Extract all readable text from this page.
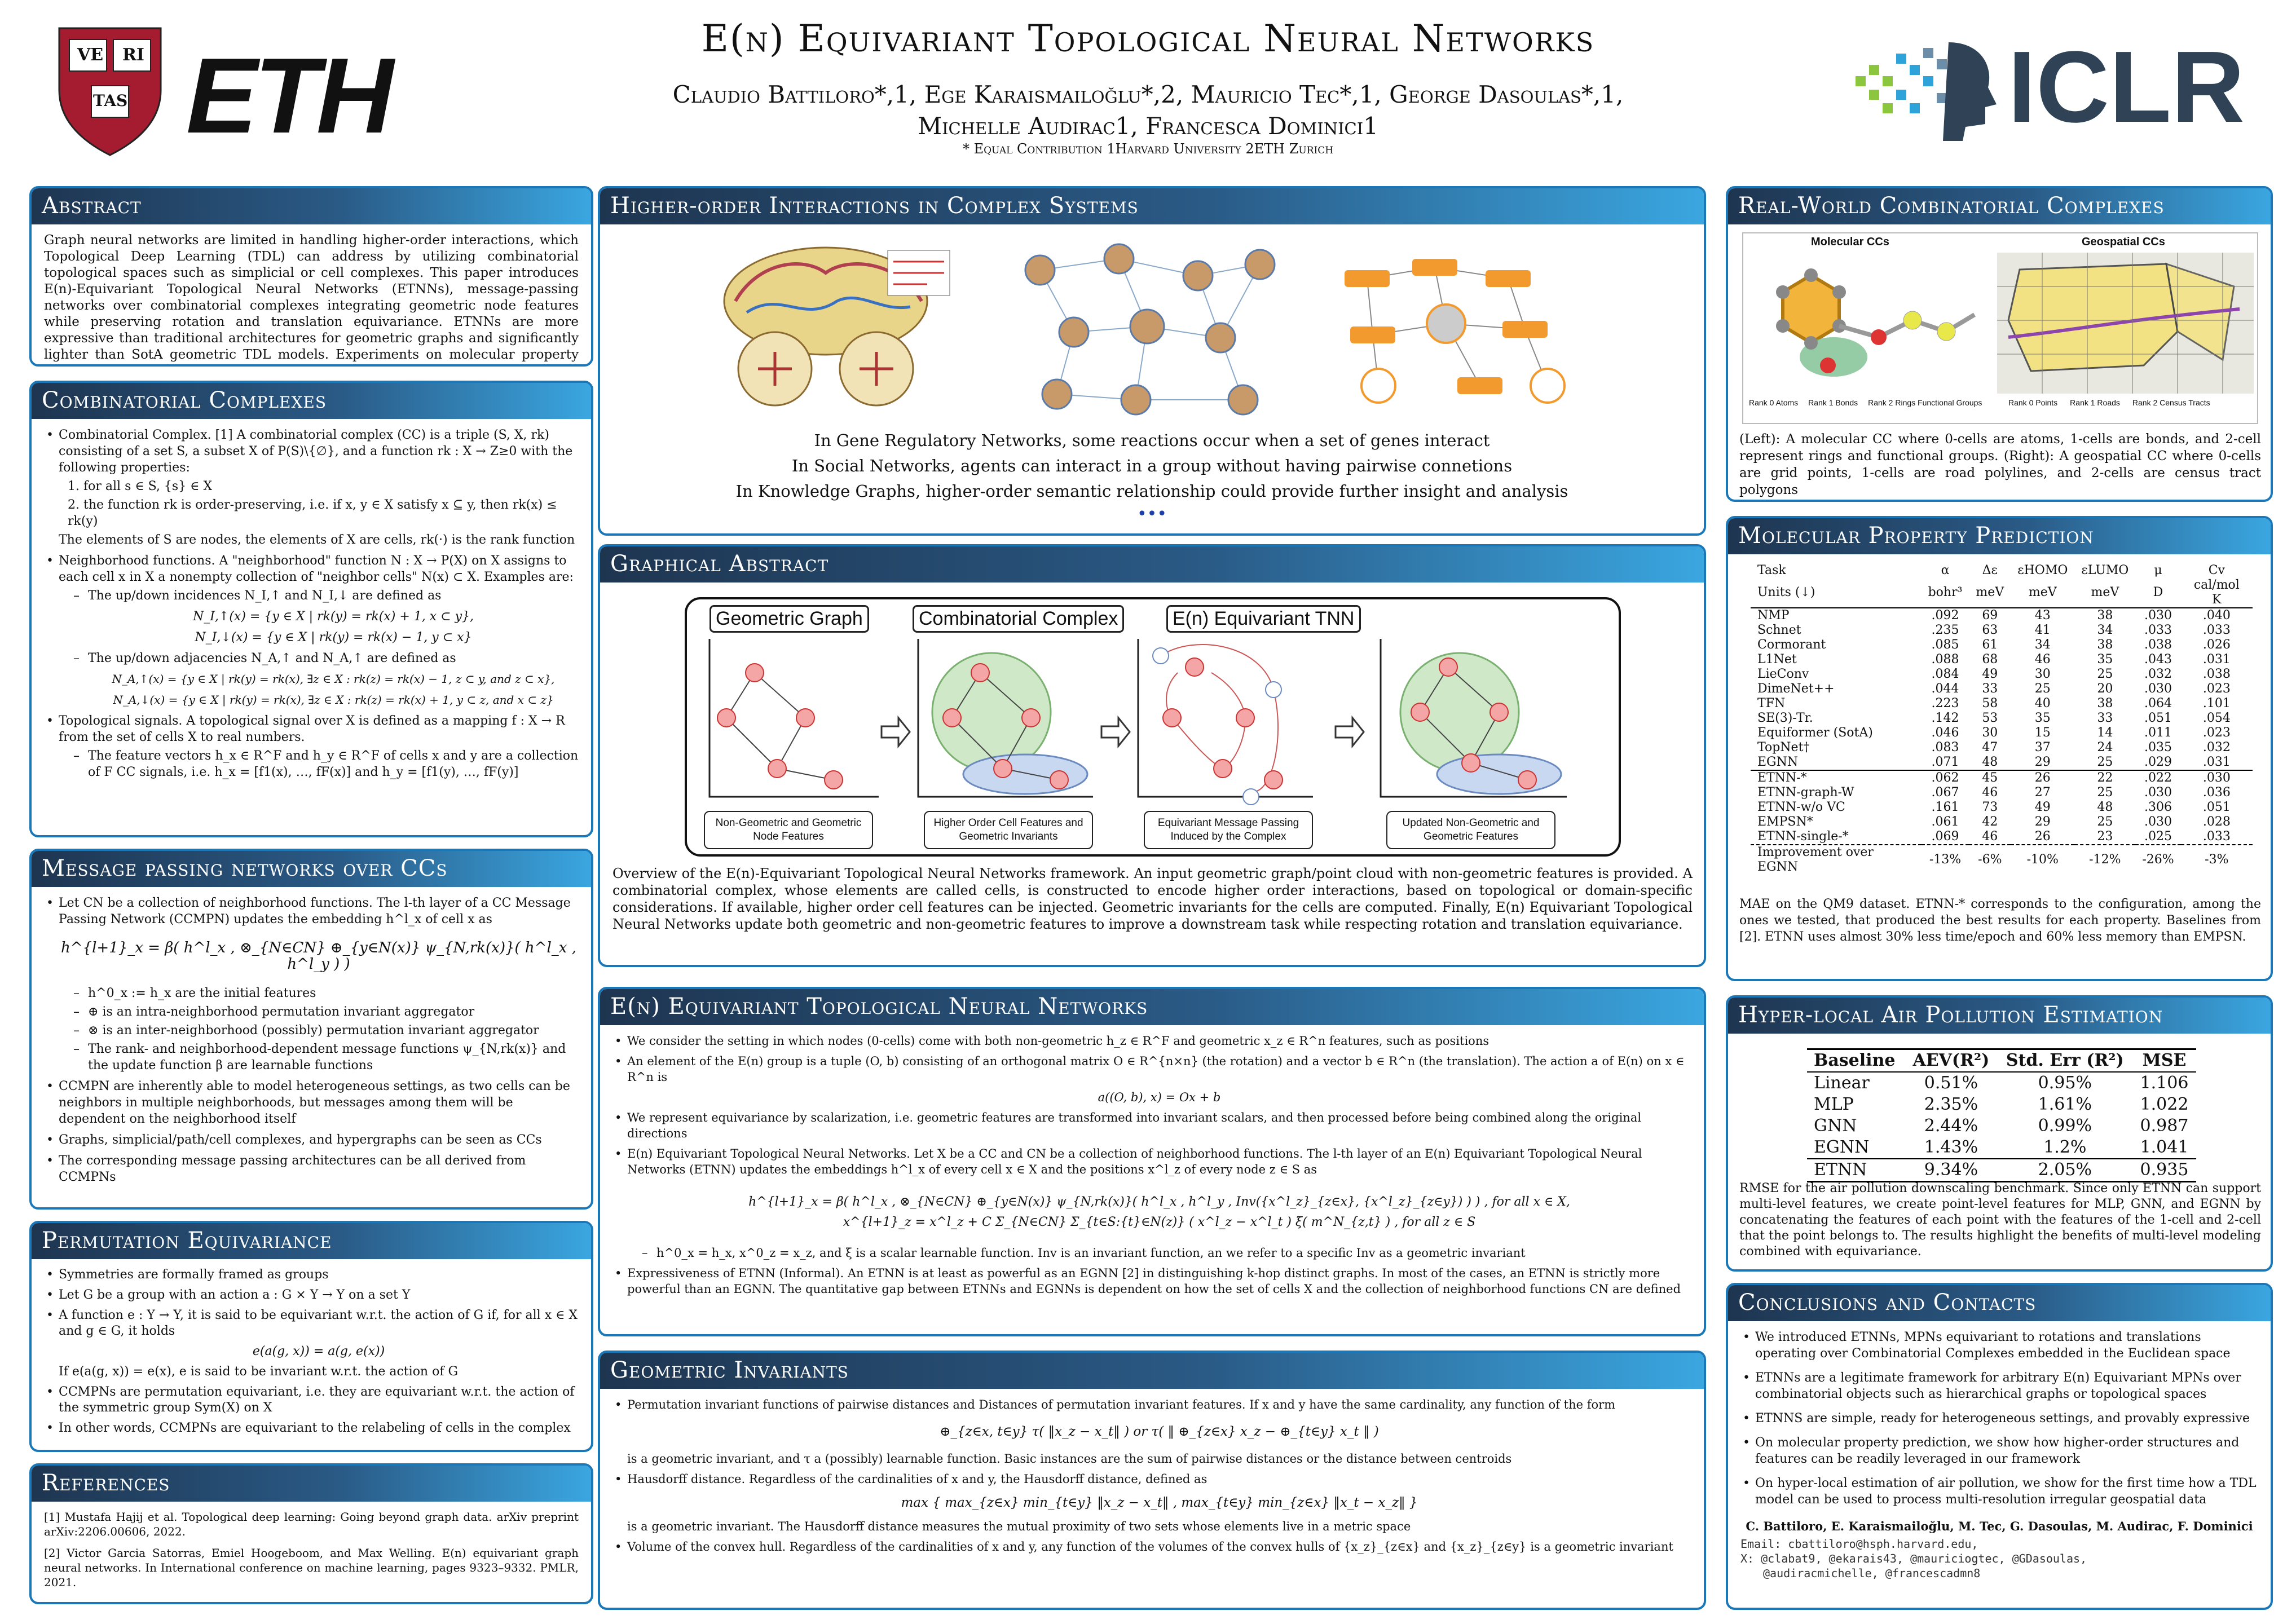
VE RI
TAS ETH	E(n) Equivariant Topological Neural Networks
Claudio Battiloro*,1, Ege Karaismailoğlu*,2, Mauricio Tec*,1, George Dasoulas*,1,
Michelle Audirac1, Francesca Dominici1
* Equal Contribution 1Harvard University 2ETH Zurich
ICLR
Abstract

Graph neural networks are limited in handling higher-order interactions, which Topological Deep Learning (TDL) can address by utilizing combinatorial topological spaces such as simplicial or cell complexes. This paper introduces E(n)-Equivariant Topological Neural Networks (ETNNs), message-passing networks over combinatorial complexes integrating geometric node features while preserving rotation and translation equivariance. ETNNs are more expressive than traditional architectures for geometric graphs and significantly lighter than SotA geometric TDL models. Experiments on molecular property

Combinatorial Complexes
• Combinatorial Complex. [1] A combinatorial complex (CC) is a triple (S, X, rk) consisting of a set S, a subset X of P(S)\{∅}, and a function rk : X → Z≥0 with the following properties:
1. for all s ∈ S, {s} ∈ X
2. the function rk is order-preserving, i.e. if x, y ∈ X satisfy x ⊆ y, then rk(x) ≤ rk(y)
The elements of S are nodes, the elements of X are cells, rk(·) is the rank function
• Neighborhood functions. A "neighborhood" function N : X → P(X) on X assigns to each cell x in X a nonempty collection of "neighbor cells" N(x) ⊂ X. Examples are:
– The up/down incidences N_I,↑ and N_I,↓ are defined as
N_I,↑(x) = {y ∈ X | rk(y) = rk(x) + 1, x ⊂ y},
N_I,↓(x) = {y ∈ X | rk(y) = rk(x) − 1, y ⊂ x}
– The up/down adjacencies N_A,↑ and N_A,↑ are defined as
N_A,↑(x) = {y ∈ X | rk(y) = rk(x), ∃z ∈ X : rk(z) = rk(x) − 1, z ⊂ y, and z ⊂ x},
N_A,↓(x) = {y ∈ X | rk(y) = rk(x), ∃z ∈ X : rk(z) = rk(x) + 1, y ⊂ z, and x ⊂ z}
• Topological signals. A topological signal over X is defined as a mapping f : X → R from the set of cells X to real numbers.
– The feature vectors h_x ∈ R^F and h_y ∈ R^F of cells x and y are a collection of F CC signals, i.e. h_x = [f1(x), …, fF(x)] and h_y = [f1(y), …, fF(y)]
Message passing networks over CCs
• Let CN be a collection of neighborhood functions. The l-th layer of a CC Message Passing Network (CCMPN) updates the embedding h^l_x of cell x as
h^{l+1}_x = β( h^l_x , ⊗_{N∈CN} ⊕_{y∈N(x)} ψ_{N,rk(x)}( h^l_x , h^l_y ) )
– h^0_x := h_x are the initial features
– ⊕ is an intra-neighborhood permutation invariant aggregator
– ⊗ is an inter-neighborhood (possibly) permutation invariant aggregator
– The rank- and neighborhood-dependent message functions ψ_{N,rk(x)} and the update function β are learnable functions
• CCMPN are inherently able to model heterogeneous settings, as two cells can be neighbors in multiple neighborhoods, but messages among them will be dependent on the neighborhood itself
• Graphs, simplicial/path/cell complexes, and hypergraphs can be seen as CCs
• The corresponding message passing architectures can be all derived from CCMPNs
Permutation Equivariance
• Symmetries are formally framed as groups
• Let G be a group with an action a : G × Y → Y on a set Y
• A function e : Y → Y, it is said to be equivariant w.r.t. the action of G if, for all x ∈ X and g ∈ G, it holds
e(a(g, x)) = a(g, e(x))
If e(a(g, x)) = e(x), e is said to be invariant w.r.t. the action of G
• CCMPNs are permutation equivariant, i.e. they are equivariant w.r.t. the action of the symmetric group Sym(X) on X
• In other words, CCMPNs are equivariant to the relabeling of cells in the complex
References

[1] Mustafa Hajij et al. Topological deep learning: Going beyond graph data. arXiv preprint arXiv:2206.00606, 2022.

[2] Victor Garcia Satorras, Emiel Hoogeboom, and Max Welling. E(n) equivariant graph neural networks. In International conference on machine learning, pages 9323–9332. PMLR, 2021.

Higher-order Interactions in Complex Systems
In Gene Regulatory Networks, some reactions occur when a set of genes interact
In Social Networks, agents can interact in a group without having pairwise connetions
In Knowledge Graphs, higher-order semantic relationship could provide further insight and analysis
•••
Graphical Abstract
Geometric Graph	Combinatorial Complex	E(n) Equivariant TNN
Non-Geometric and Geometric Node Features
Higher Order Cell Features and Geometric Invariants
Equivariant Message Passing Induced by the Complex
Updated Non-Geometric and Geometric Features
Overview of the E(n)-Equivariant Topological Neural Networks framework. An input geometric graph/point cloud with non-geometric features is provided. A combinatorial complex, whose elements are called cells, is constructed to encode higher order interactions, based on topological or domain-specific considerations. If available, higher order cell features can be injected. Geometric invariants for the cells are computed. Finally, E(n) Equivariant Topological Neural Networks update both geometric and non-geometric features to improve a downstream task while respecting rotation and translation equivariance.
E(n) Equivariant Topological Neural Networks
• We consider the setting in which nodes (0-cells) come with both non-geometric h_z ∈ R^F and geometric x_z ∈ R^n features, such as positions
• An element of the E(n) group is a tuple (O, b) consisting of an orthogonal matrix O ∈ R^{n×n} (the rotation) and a vector b ∈ R^n (the translation). The action a of E(n) on x ∈ R^n is
a((O, b), x) = Ox + b
• We represent equivariance by scalarization, i.e. geometric features are transformed into invariant scalars, and then processed before being combined along the original directions
• E(n) Equivariant Topological Neural Networks. Let X be a CC and CN be a collection of neighborhood functions. The l-th layer of an E(n) Equivariant Topological Neural Networks (ETNN) updates the embeddings h^l_x of every cell x ∈ X and the positions x^l_z of every node z ∈ S as
h^{l+1}_x = β( h^l_x , ⊗_{N∈CN} ⊕_{y∈N(x)} ψ_{N,rk(x)}( h^l_x , h^l_y , Inv({x^l_z}_{z∈x}, {x^l_z}_{z∈y}) ) ) , for all x ∈ X,
x^{l+1}_z = x^l_z + C Σ_{N∈CN} Σ_{t∈S:{t}∈N(z)} ( x^l_z − x^l_t ) ξ( m^N_{z,t} ) , for all z ∈ S
– h^0_x = h_x, x^0_z = x_z, and ξ is a scalar learnable function. Inv is an invariant function, an we refer to a specific Inv as a geometric invariant
• Expressiveness of ETNN (Informal). An ETNN is at least as powerful as an EGNN [2] in distinguishing k-hop distinct graphs. In most of the cases, an ETNN is strictly more powerful than an EGNN. The quantitative gap between ETNNs and EGNNs is dependent on how the set of cells X and the collection of neighborhood functions CN are defined
Geometric Invariants
• Permutation invariant functions of pairwise distances and Distances of permutation invariant features. If x and y have the same cardinality, any function of the form
⊕_{z∈x, t∈y} τ( ‖x_z − x_t‖ ) or τ( ‖ ⊕_{z∈x} x_z − ⊕_{t∈y} x_t ‖ )
is a geometric invariant, and τ a (possibly) learnable function. Basic instances are the sum of pairwise distances or the distance between centroids
• Hausdorff distance. Regardless of the cardinalities of x and y, the Hausdorff distance, defined as
max { max_{z∈x} min_{t∈y} ‖x_z − x_t‖ , max_{t∈y} min_{z∈x} ‖x_t − x_z‖ }
is a geometric invariant. The Hausdorff distance measures the mutual proximity of two sets whose elements live in a metric space
• Volume of the convex hull. Regardless of the cardinalities of x and y, any function of the volumes of the convex hulls of {x_z}_{z∈x} and {x_z}_{z∈y} is a geometric invariant
Real-World Combinatorial Complexes
Molecular CCs	Geospatial CCs
Rank 0 Atoms Rank 1 Bonds Rank 2 Rings Functional Groups	Rank 0 Points Rank 1 Roads Rank 2 Census Tracts
(Left): A molecular CC where 0-cells are atoms, 1-cells are bonds, and 2-cell represent rings and functional groups. (Right): A geospatial CC where 0-cells are grid points, 1-cells are road polylines, and 2-cells are census tract polygons
Molecular Property Prediction
Task	α	Δε	εHOMO	εLUMO	μ	Cv
Units (↓)	bohr³	meV	meV	meV	D	cal/mol K
NMP	.092	69	43	38	.030	.040
Schnet	.235	63	41	34	.033	.033
Cormorant	.085	61	34	38	.038	.026
L1Net	.088	68	46	35	.043	.031
LieConv	.084	49	30	25	.032	.038
DimeNet++	.044	33	25	20	.030	.023
TFN	.223	58	40	38	.064	.101
SE(3)-Tr.	.142	53	35	33	.051	.054
Equiformer (SotA)	.046	30	15	14	.011	.023
TopNet†	.083	47	37	24	.035	.032
EGNN	.071	48	29	25	.029	.031
ETNN-*	.062	45	26	22	.022	.030
ETNN-graph-W	.067	46	27	25	.030	.036
ETNN-w/o VC	.161	73	49	48	.306	.051
EMPSN*	.061	42	29	25	.030	.028
ETNN-single-*	.069	46	26	23	.025	.033
Improvement over EGNN	-13%	-6%	-10%	-12%	-26%	-3%
MAE on the QM9 dataset. ETNN-* corresponds to the configuration, among the ones we tested, that produced the best results for each property. Baselines from [2]. ETNN uses almost 30% less time/epoch and 60% less memory than EMPSN.
Hyper-local Air Pollution Estimation
Baseline	AEV(R²)	Std. Err (R²)	MSE
Linear	0.51%	0.95%	1.106
MLP	2.35%	1.61%	1.022
GNN	2.44%	0.99%	0.987
EGNN	1.43%	1.2%	1.041
ETNN	9.34%	2.05%	0.935
RMSE for the air pollution downscaling benchmark. Since only ETNN can support multi-level features, we create point-level features for MLP, GNN, and EGNN by concatenating the features of each point with the features of the 1-cell and 2-cell that the point belongs to. The results highlight the benefits of multi-level modeling combined with equivariance.
Conclusions and Contacts
• We introduced ETNNs, MPNs equivariant to rotations and translations operating over Combinatorial Complexes embedded in the Euclidean space
• ETNNs are a legitimate framework for arbitrary E(n) Equivariant MPNs over combinatorial objects such as hierarchical graphs or topological spaces
• ETNNS are simple, ready for heterogeneous settings, and provably expressive
• On molecular property prediction, we show how higher-order structures and features can be readily leveraged in our framework
• On hyper-local estimation of air pollution, we show for the first time how a TDL model can be used to process multi-resolution irregular geospatial data
C. Battiloro, E. Karaismailoğlu, M. Tec, G. Dasoulas, M. Audirac, F. Dominici
Email: cbattiloro@hsph.harvard.edu,
X: @clabat9, @ekarais43, @mauriciogtec, @GDasoulas,
@audiracmichelle, @francescadmn8
